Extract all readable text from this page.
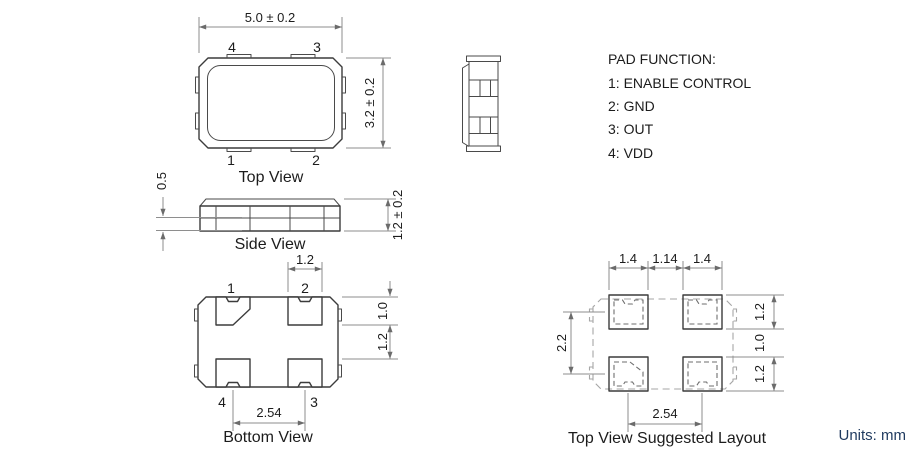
5.0 ± 0.2
3.2 ± 0.2
4	3
1	2
Top View
0.5
1.2 ± 0.2
Side View
PAD FUNCTION:
1: ENABLE CONTROL
2: GND
3: OUT
4: VDD
1	2
4	3
1.2
1.0
1.2
2.54
Bottom View
1.4 1.14 1.4
1.2
1.0
1.2
2.2
2.54
Top View Suggested Layout	Units: mm
